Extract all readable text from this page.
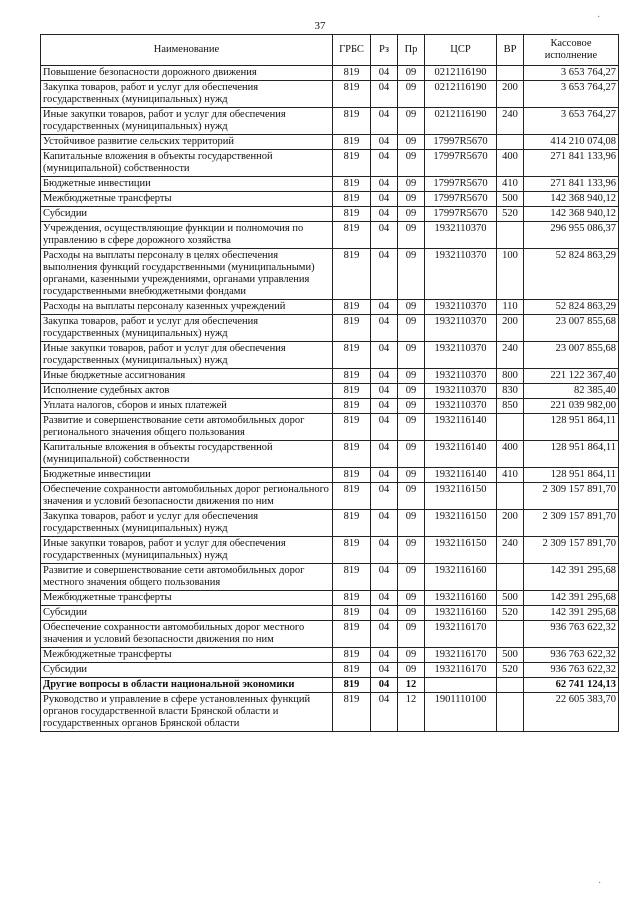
37
Наименование	ГРБС	Рз	Пр	ЦСР	ВР	Кассовое исполнение
Повышение безопасности дорожного движения	819	04	09	0212116190		3 653 764,27
Закупка товаров, работ и услуг для обеспечения государственных (муниципальных) нужд	819	04	09	0212116190	200	3 653 764,27
Иные закупки товаров, работ и услуг для обеспечения государственных (муниципальных) нужд	819	04	09	0212116190	240	3 653 764,27
Устойчивое развитие сельских территорий	819	04	09	17997R5670		414 210 074,08
Капитальные вложения в объекты государственной (муниципальной) собственности	819	04	09	17997R5670	400	271 841 133,96
Бюджетные инвестиции	819	04	09	17997R5670	410	271 841 133,96
Межбюджетные трансферты	819	04	09	17997R5670	500	142 368 940,12
Субсидии	819	04	09	17997R5670	520	142 368 940,12
Учреждения, осуществляющие функции и полномочия по управлению в сфере дорожного хозяйства	819	04	09	1932110370		296 955 086,37
Расходы на выплаты персоналу в целях обеспечения выполнения функций государственными (муниципальными) органами, казенными учреждениями, органами управления государственными внебюджетными фондами	819	04	09	1932110370	100	52 824 863,29
Расходы на выплаты персоналу казенных учреждений	819	04	09	1932110370	110	52 824 863,29
Закупка товаров, работ и услуг для обеспечения государственных (муниципальных) нужд	819	04	09	1932110370	200	23 007 855,68
Иные закупки товаров, работ и услуг для обеспечения государственных (муниципальных) нужд	819	04	09	1932110370	240	23 007 855,68
Иные бюджетные ассигнования	819	04	09	1932110370	800	221 122 367,40
Исполнение судебных актов	819	04	09	1932110370	830	82 385,40
Уплата налогов, сборов и иных платежей	819	04	09	1932110370	850	221 039 982,00
Развитие и совершенствование сети автомобильных дорог регионального значения общего пользования	819	04	09	1932116140		128 951 864,11
Капитальные вложения в объекты государственной (муниципальной) собственности	819	04	09	1932116140	400	128 951 864,11
Бюджетные инвестиции	819	04	09	1932116140	410	128 951 864,11
Обеспечение сохранности автомобильных дорог регионального значения и условий безопасности движения по ним	819	04	09	1932116150		2 309 157 891,70
Закупка товаров, работ и услуг для обеспечения государственных (муниципальных) нужд	819	04	09	1932116150	200	2 309 157 891,70
Иные закупки товаров, работ и услуг для обеспечения государственных (муниципальных) нужд	819	04	09	1932116150	240	2 309 157 891,70
Развитие и совершенствование сети автомобильных дорог местного значения общего пользования	819	04	09	1932116160		142 391 295,68
Межбюджетные трансферты	819	04	09	1932116160	500	142 391 295,68
Субсидии	819	04	09	1932116160	520	142 391 295,68
Обеспечение сохранности автомобильных дорог местного значения и условий безопасности движения по ним	819	04	09	1932116170		936 763 622,32
Межбюджетные трансферты	819	04	09	1932116170	500	936 763 622,32
Субсидии	819	04	09	1932116170	520	936 763 622,32
Другие вопросы в области национальной экономики	819	04	12			62 741 124,13
Руководство и управление в сфере установленных функций органов государственной власти Брянской области и государственных органов Брянской области	819	04	12	1901110100		22 605 383,70
·
·
